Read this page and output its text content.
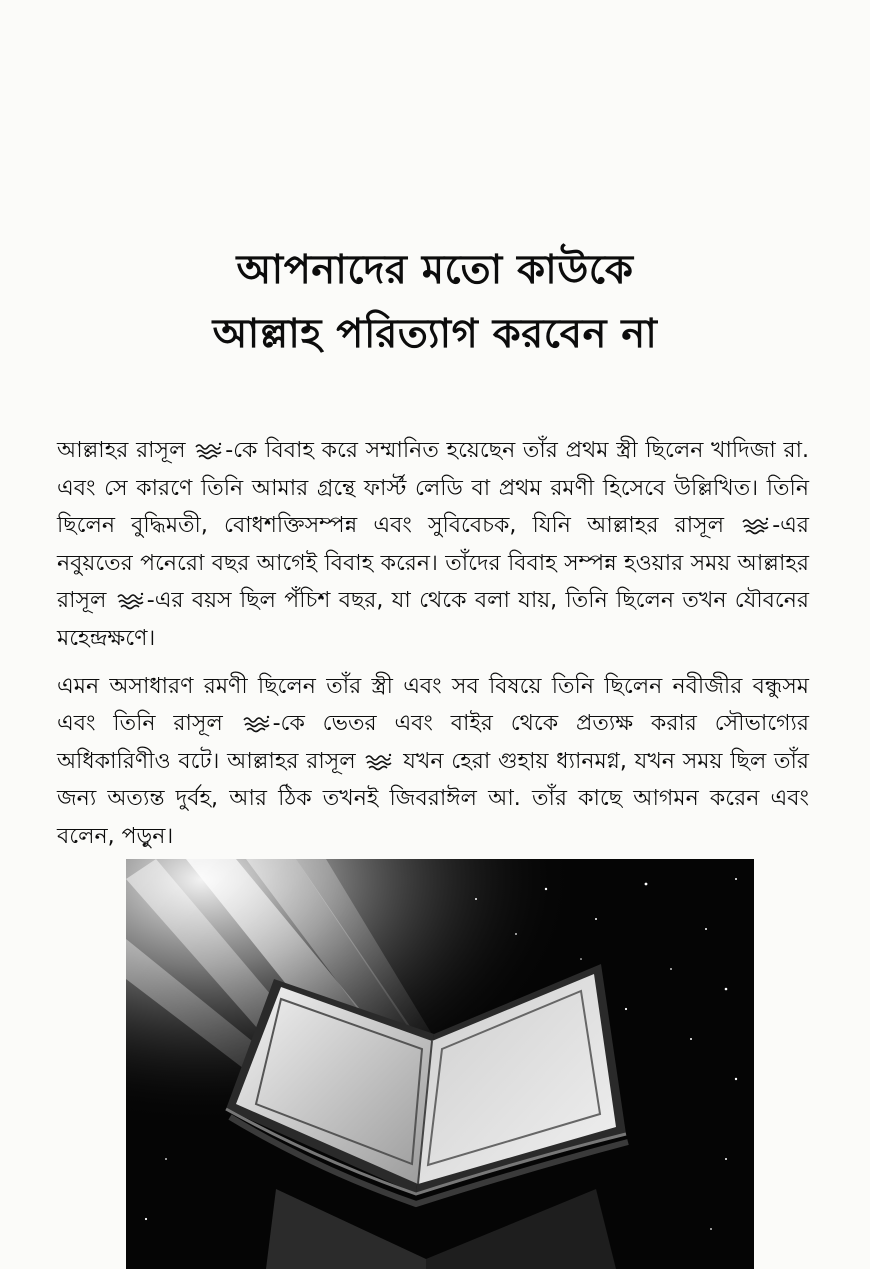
আপনাদের মতো কাউকে
আল্লাহ পরিত্যাগ করবেন না

আল্লাহর রাসূল -কে বিবাহ করে সম্মানিত হয়েছেন তাঁর প্রথম স্ত্রী ছিলেন খাদিজা রা. এবং সে কারণে তিনি আমার গ্রন্থে ফার্স্ট লেডি বা প্রথম রমণী হিসেবে উল্লিখিত। তিনি ছিলেন বুদ্ধিমতী, বোধশক্তিসম্পন্ন এবং সুবিবেচক, যিনি আল্লাহর রাসূল -এর নবুয়তের পনেরো বছর আগেই বিবাহ করেন। তাঁদের বিবাহ সম্পন্ন হওয়ার সময় আল্লাহর রাসূল -এর বয়স ছিল পঁচিশ বছর, যা থেকে বলা যায়, তিনি ছিলেন তখন যৌবনের মহেন্দ্রক্ষণে।

এমন অসাধারণ রমণী ছিলেন তাঁর স্ত্রী এবং সব বিষয়ে তিনি ছিলেন নবীজীর বন্ধুসম এবং তিনি রাসূল -কে ভেতর এবং বাইর থেকে প্রত্যক্ষ করার সৌভাগ্যের অধিকারিণীও বটে। আল্লাহর রাসূল  যখন হেরা গুহায় ধ্যানমগ্ন, যখন সময় ছিল তাঁর জন্য অত্যন্ত দুর্বহ, আর ঠিক তখনই জিবরাঈল আ. তাঁর কাছে আগমন করেন এবং বলেন, পড়ুন।
